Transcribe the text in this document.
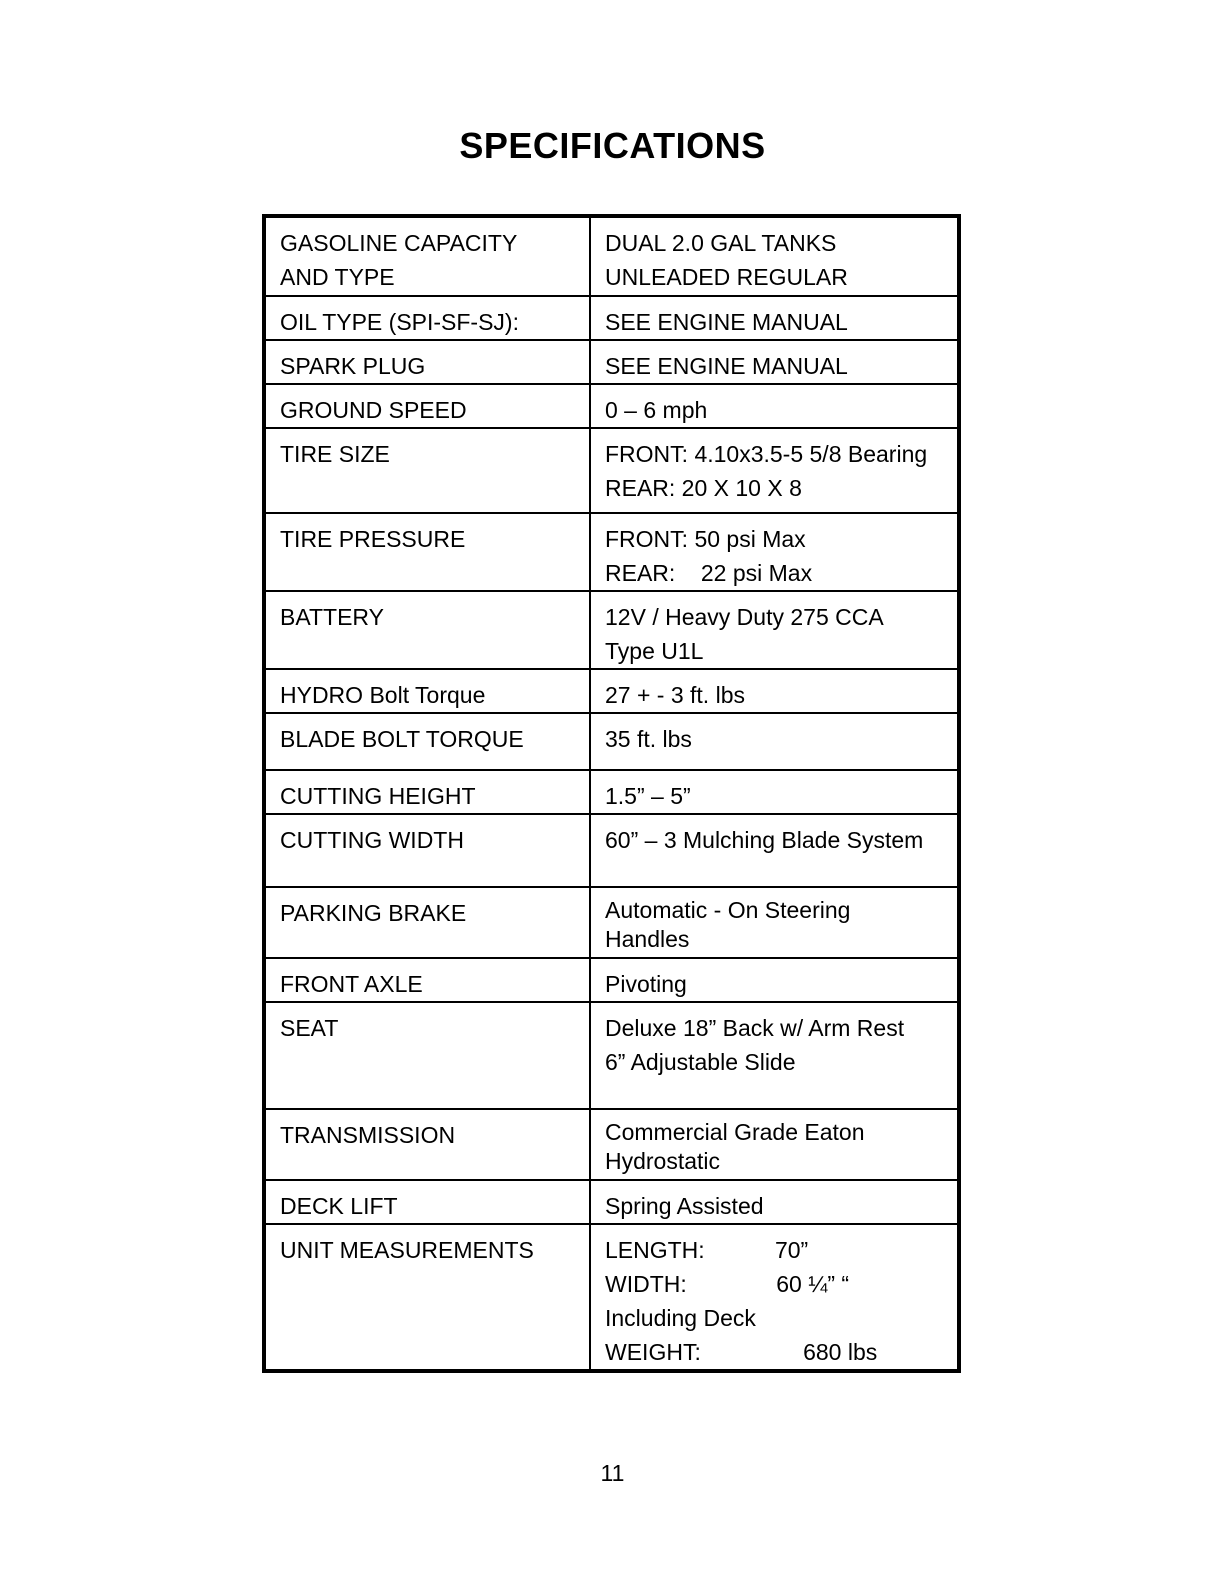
SPECIFICATIONS
GASOLINE CAPACITY
AND TYPE	DUAL 2.0 GAL TANKS
UNLEADED REGULAR

OIL TYPE (SPI-SF-SJ):	SEE ENGINE MANUAL

SPARK PLUG	SEE ENGINE MANUAL

GROUND SPEED	0 – 6 mph

TIRE SIZE	FRONT: 4.10x3.5-5 5/8 Bearing
REAR: 20 X 10 X 8

TIRE PRESSURE	FRONT: 50 psi Max
REAR:    22 psi Max

BATTERY	12V / Heavy Duty 275 CCA
Type U1L

HYDRO Bolt Torque	27 + - 3 ft. lbs

BLADE BOLT TORQUE	35 ft. lbs

CUTTING HEIGHT	1.5” – 5”

CUTTING WIDTH	60” – 3 Mulching Blade System

PARKING BRAKE	Automatic - On Steering
Handles

FRONT AXLE	Pivoting

SEAT	Deluxe 18” Back w/ Arm Rest
6” Adjustable Slide

TRANSMISSION	Commercial Grade Eaton
Hydrostatic

DECK LIFT	Spring Assisted

UNIT MEASUREMENTS	LENGTH:           70”
WIDTH:              60 ¼” “
Including Deck
WEIGHT:                680 lbs
11
